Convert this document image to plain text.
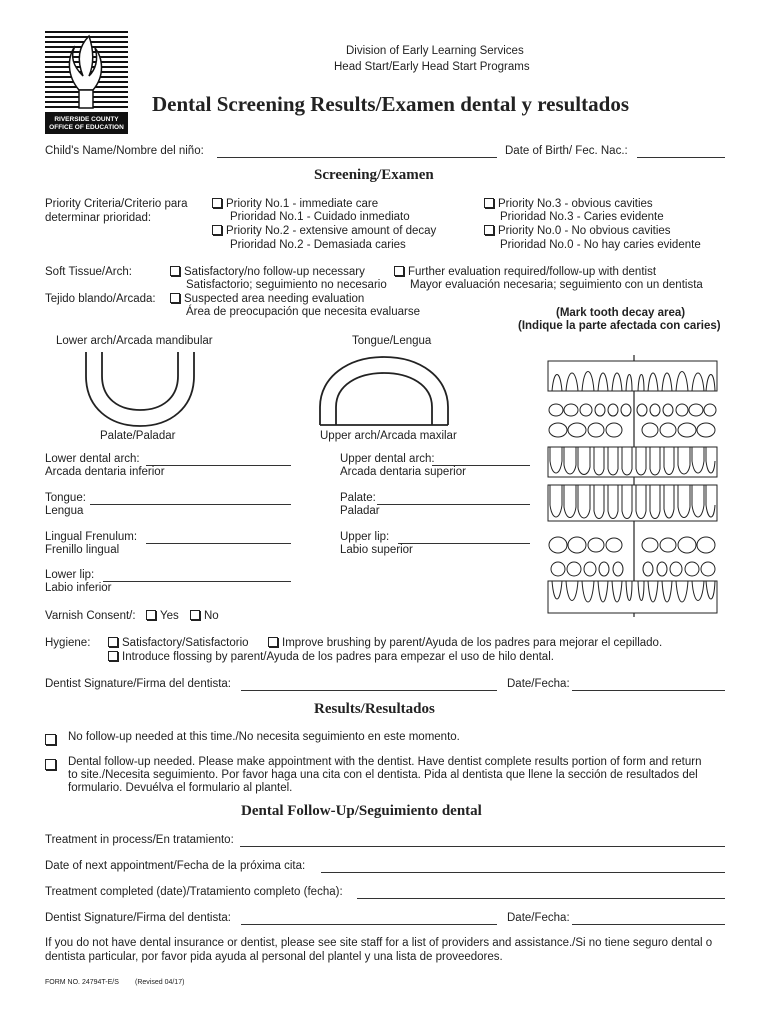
RIVERSIDE COUNTY
OFFICE OF EDUCATION
Division of Early Learning Services
Head Start/Early Head Start Programs
Dental Screening Results/Examen dental y resultados
Child's Name/Nombre del niño:	Date of Birth/ Fec. Nac.:
Screening/Examen
Priority Criteria/Criterio para
determinar prioridad:
Priority No.1 - immediate care
Prioridad No.1 - Cuidado inmediato
Priority No.2 - extensive amount of decay
Prioridad No.2 - Demasiada caries
Priority No.3 - obvious cavities
Prioridad No.3 - Caries evidente
Priority No.0 - No obvious cavities
Prioridad No.0 - No hay caries evidente
Soft Tissue/Arch:	Satisfactory/no follow-up necessary
Satisfactorio; seguimiento no necesario
Further evaluation required/follow-up with dentist
Mayor evaluación necesaria; seguimiento con un dentista
Tejido blando/Arcada:	Suspected area needing evaluation
Área de preocupación que necesita evaluarse	(Mark tooth decay area)
(Indique la parte afectada con caries)
Lower arch/Arcada mandibular	Tongue/Lengua
Palate/Paladar	Upper arch/Arcada maxilar
Lower dental arch:
Arcada dentaria inferior
Upper dental arch:
Arcada dentaria superior
Tongue:
Lengua
Palate:
Paladar
Lingual Frenulum:
Frenillo lingual
Upper lip:
Labio superior
Lower lip:
Labio inferior
Varnish Consent/:	Yes	No
Hygiene:	Satisfactory/Satisfactorio	Improve brushing by parent/Ayuda de los padres para mejorar el cepillado.
Introduce flossing by parent/Ayuda de los padres para empezar el uso de hilo dental.
Dentist Signature/Firma del dentista:	Date/Fecha:
Results/Resultados
No follow-up needed at this time./No necesita seguimiento en este momento.
Dental follow-up needed. Please make appointment with the dentist. Have dentist complete results portion of form and return
to site./Necesita seguimiento. Por favor haga una cita con el dentista. Pida al dentista que llene la sección de resultados del
formulario. Devuélva el formulario al plantel.
Dental Follow-Up/Seguimiento dental
Treatment in process/En tratamiento:
Date of next appointment/Fecha de la próxima cita:
Treatment completed (date)/Tratamiento completo (fecha):
Dentist Signature/Firma del dentista:	Date/Fecha:
If you do not have dental insurance or dentist, please see site staff for a list of providers and assistance./Si no tiene seguro dental o
dentista particular, por favor pida ayuda al personal del plantel y una lista de proveedores.
FORM NO. 24794T-E/S (Revised 04/17)
